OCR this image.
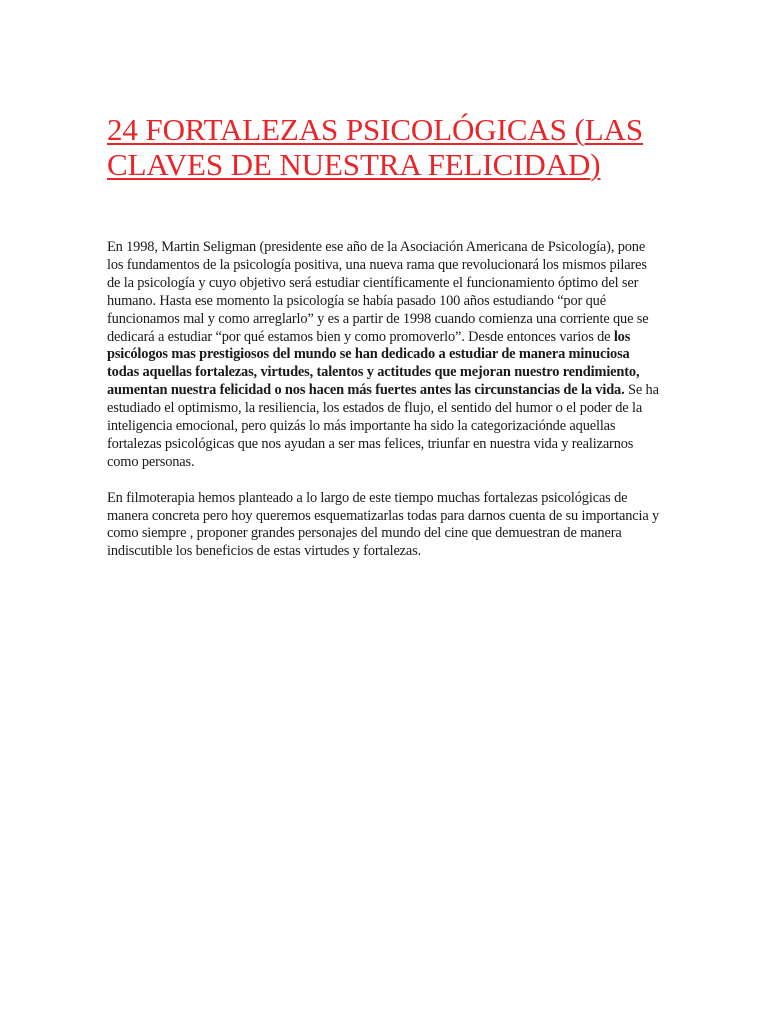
24 FORTALEZAS PSICOLÓGICAS (LAS CLAVES DE NUESTRA FELICIDAD)

En 1998, Martin Seligman (presidente ese año de la Asociación Americana de Psicología), pone los fundamentos de la psicología positiva, una nueva rama que revolucionará los mismos pilares de la psicología y cuyo objetivo será estudiar científicamente el funcionamiento óptimo del ser humano. Hasta ese momento la psicología se había pasado 100 años estudiando “por qué funcionamos mal y como arreglarlo” y es a partir de 1998 cuando comienza una corriente que se dedicará a estudiar “por qué estamos bien y como promoverlo”. Desde entonces varios de los psicólogos mas prestigiosos del mundo se han dedicado a estudiar de manera minuciosa todas aquellas fortalezas, virtudes, talentos y actitudes que mejoran nuestro rendimiento, aumentan nuestra felicidad o nos hacen más fuertes antes las circunstancias de la vida. Se ha estudiado el optimismo, la resiliencia, los estados de flujo, el sentido del humor o el poder de la inteligencia emocional, pero quizás lo más importante ha sido la categorizaciónde aquellas fortalezas psicológicas que nos ayudan a ser mas felices, triunfar en nuestra vida y realizarnos como personas.

En filmoterapia hemos planteado a lo largo de este tiempo muchas fortalezas psicológicas de manera concreta pero hoy queremos esquematizarlas todas para darnos cuenta de su importancia y como siempre , proponer grandes personajes del mundo del cine que demuestran de manera indiscutible los beneficios de estas virtudes y fortalezas.
